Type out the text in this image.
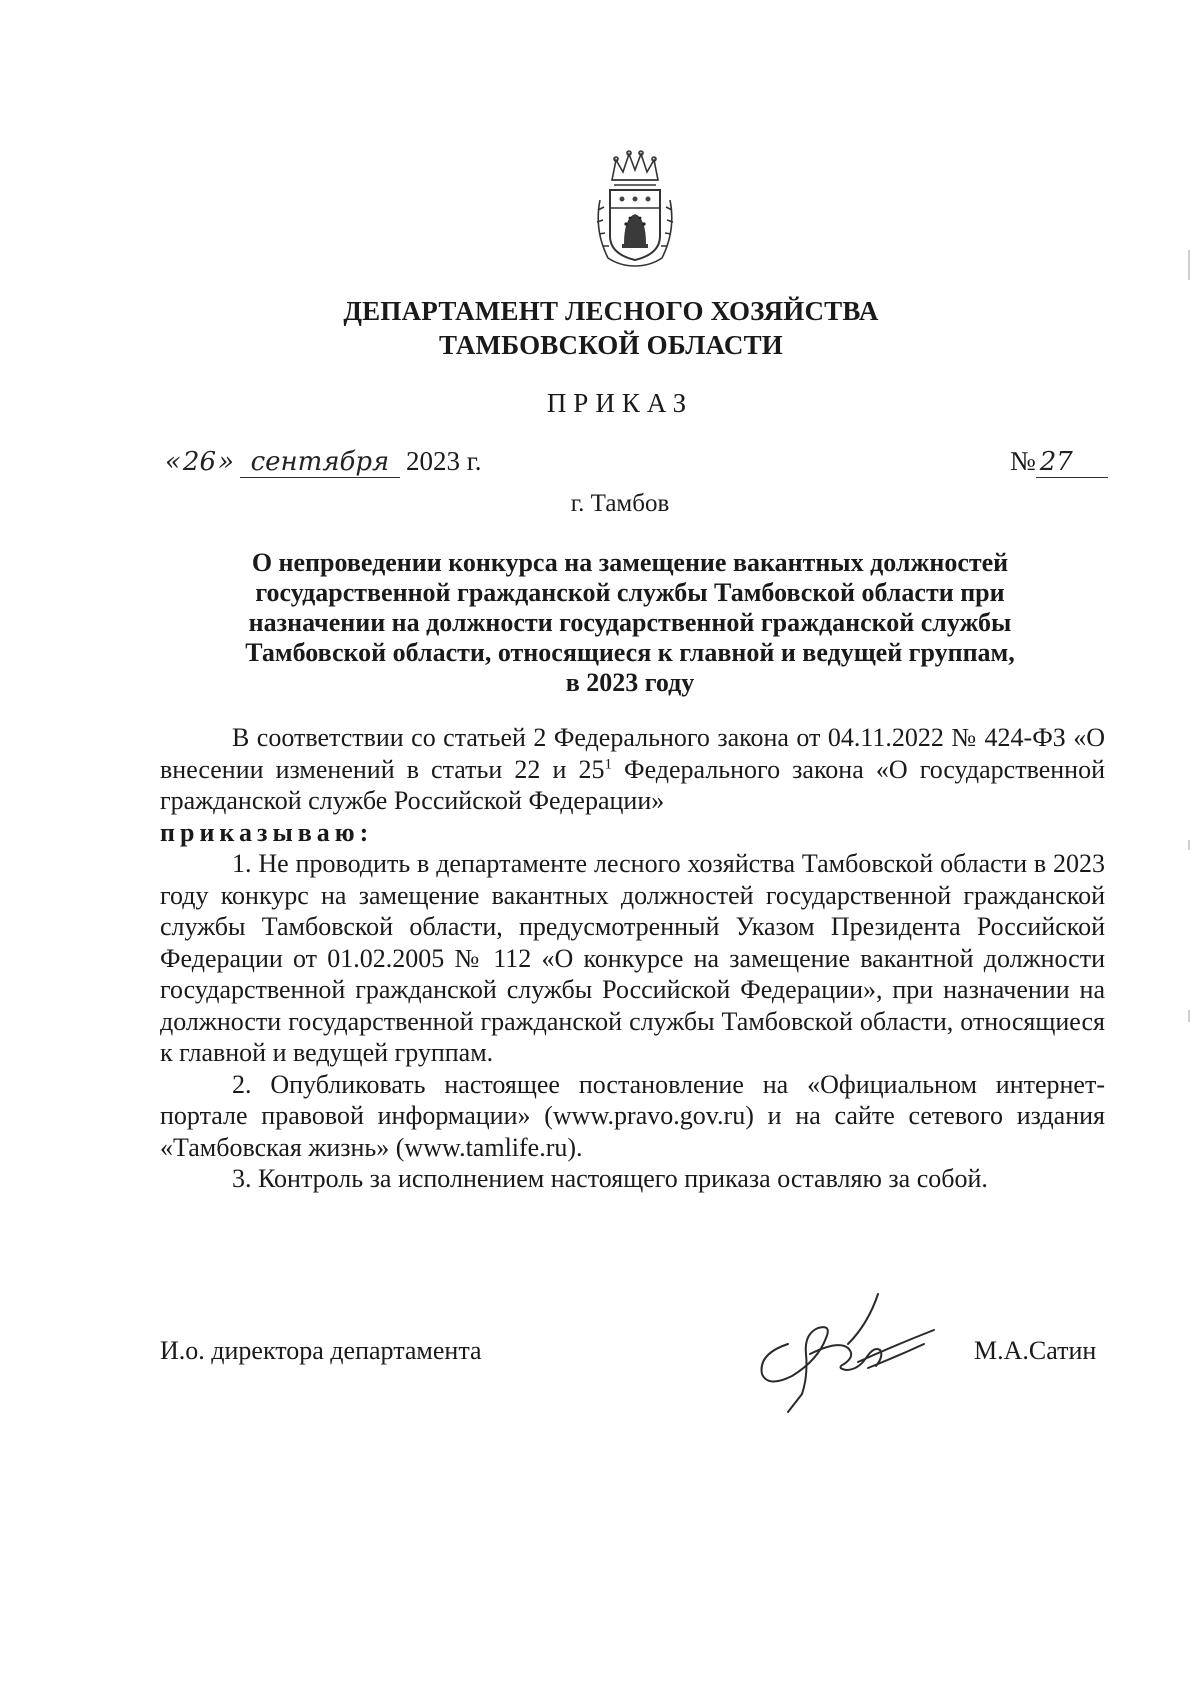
ДЕПАРТАМЕНТ ЛЕСНОГО ХОЗЯЙСТВА
ТАМБОВСКОЙ ОБЛАСТИ
ПРИКАЗ
«26» сентября 2023 г.	№ 27
г. Тамбов
О непроведении конкурса на замещение вакантных должностей
государственной гражданской службы Тамбовской области при
назначении на должности государственной гражданской службы
Тамбовской области, относящиеся к главной и ведущей группам,
в 2023 году

В соответствии со статьей 2 Федерального закона от 04.11.2022 № 424-ФЗ «О внесении изменений в статьи 22 и $25^1$ Федерального закона «О государственной гражданской службе Российской Федерации»

приказываю:

1. Не проводить в департаменте лесного хозяйства Тамбовской области в 2023 году конкурс на замещение вакантных должностей государственной гражданской службы Тамбовской области, предусмотренный Указом Президента Российской Федерации от 01.02.2005 № 112 «О конкурсе на замещение вакантной должности государственной гражданской службы Российской Федерации», при назначении на должности государственной гражданской службы Тамбовской области, относящиеся к главной и ведущей группам.

2. Опубликовать настоящее постановление на «Официальном интернет-портале правовой информации» (www.pravo.gov.ru) и на сайте сетевого издания «Тамбовская жизнь» (www.tamlife.ru).

3. Контроль за исполнением настоящего приказа оставляю за собой.

И.о. директора департамента	М.А.Сатин
